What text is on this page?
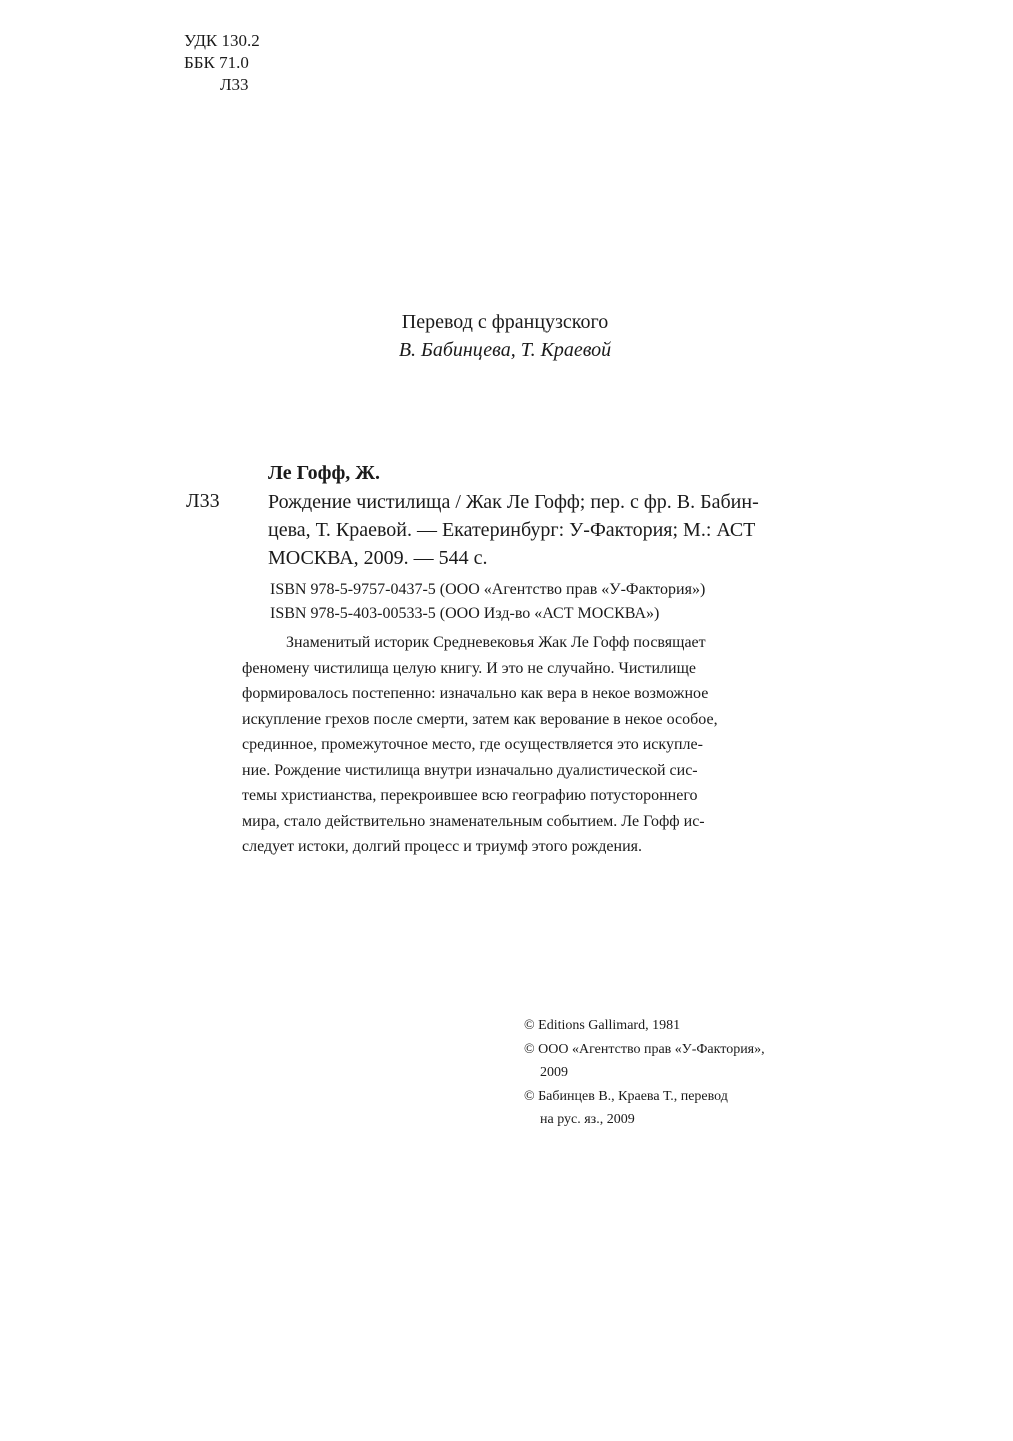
УДК 130.2
ББК 71.0
Л33
Перевод с французского
В. Бабинцева, Т. Краевой
Ле Гофф, Ж.
Л33 Рождение чистилища / Жак Ле Гофф; пер. с фр. В. Бабин-
цева, Т. Краевой. — Екатеринбург: У-Фактория; М.: АСТ
МОСКВА, 2009. — 544 с.
ISBN 978-5-9757-0437-5 (ООО «Агентство прав «У-Фактория»)
ISBN 978-5-403-00533-5 (ООО Изд-во «АСТ МОСКВА»)
Знаменитый историк Средневековья Жак Ле Гофф посвящает
феномену чистилища целую книгу. И это не случайно. Чистилище
формировалось постепенно: изначально как вера в некое возможное
искупление грехов после смерти, затем как верование в некое особое,
срединное, промежуточное место, где осуществляется это искупле-
ние. Рождение чистилища внутри изначально дуалистической сис-
темы христианства, перекроившее всю географию потустороннего
мира, стало действительно знаменательным событием. Ле Гофф ис-
следует истоки, долгий процесс и триумф этого рождения.
© Editions Gallimard, 1981
© ООО «Агентство прав «У-Фактория»,
2009
© Бабинцев В., Краева Т., перевод
на рус. яз., 2009
